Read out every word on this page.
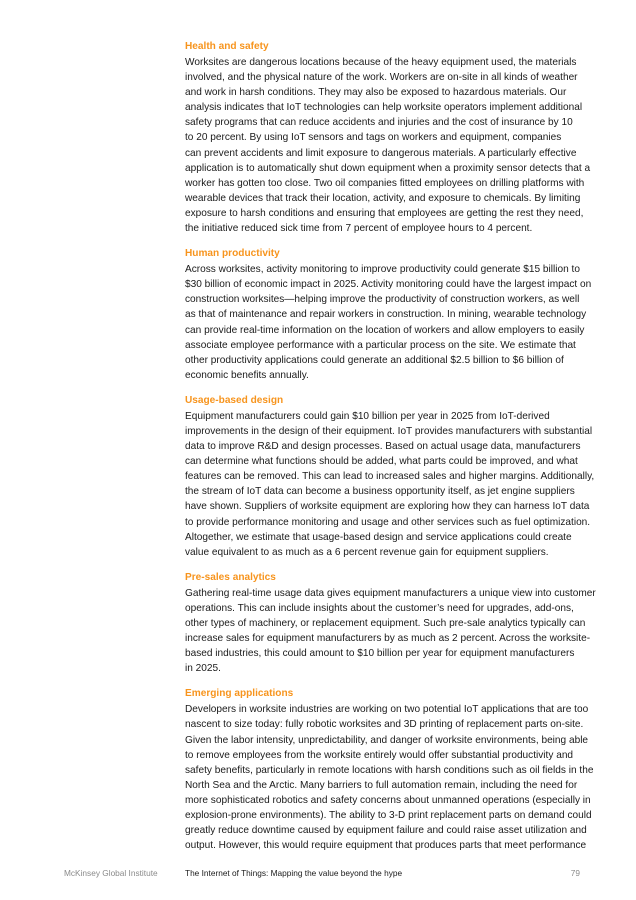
Health and safety

Worksites are dangerous locations because of the heavy equipment used, the materials
involved, and the physical nature of the work. Workers are on-site in all kinds of weather
and work in harsh conditions. They may also be exposed to hazardous materials. Our
analysis indicates that IoT technologies can help worksite operators implement additional
safety programs that can reduce accidents and injuries and the cost of insurance by 10
to 20 percent. By using IoT sensors and tags on workers and equipment, companies
can prevent accidents and limit exposure to dangerous materials. A particularly effective
application is to automatically shut down equipment when a proximity sensor detects that a
worker has gotten too close. Two oil companies fitted employees on drilling platforms with
wearable devices that track their location, activity, and exposure to chemicals. By limiting
exposure to harsh conditions and ensuring that employees are getting the rest they need,
the initiative reduced sick time from 7 percent of employee hours to 4 percent.

Human productivity

Across worksites, activity monitoring to improve productivity could generate $15 billion to
$30 billion of economic impact in 2025. Activity monitoring could have the largest impact on
construction worksites—helping improve the productivity of construction workers, as well
as that of maintenance and repair workers in construction. In mining, wearable technology
can provide real-time information on the location of workers and allow employers to easily
associate employee performance with a particular process on the site. We estimate that
other productivity applications could generate an additional $2.5 billion to $6 billion of
economic benefits annually.

Usage-based design

Equipment manufacturers could gain $10 billion per year in 2025 from IoT-derived
improvements in the design of their equipment. IoT provides manufacturers with substantial
data to improve R&D and design processes. Based on actual usage data, manufacturers
can determine what functions should be added, what parts could be improved, and what
features can be removed. This can lead to increased sales and higher margins. Additionally,
the stream of IoT data can become a business opportunity itself, as jet engine suppliers
have shown. Suppliers of worksite equipment are exploring how they can harness IoT data
to provide performance monitoring and usage and other services such as fuel optimization.
Altogether, we estimate that usage-based design and service applications could create
value equivalent to as much as a 6 percent revenue gain for equipment suppliers.

Pre-sales analytics

Gathering real-time usage data gives equipment manufacturers a unique view into customer
operations. This can include insights about the customer’s need for upgrades, add-ons,
other types of machinery, or replacement equipment. Such pre-sale analytics typically can
increase sales for equipment manufacturers by as much as 2 percent. Across the worksite-
based industries, this could amount to $10 billion per year for equipment manufacturers
in 2025.

Emerging applications

Developers in worksite industries are working on two potential IoT applications that are too
nascent to size today: fully robotic worksites and 3D printing of replacement parts on-site.
Given the labor intensity, unpredictability, and danger of worksite environments, being able
to remove employees from the worksite entirely would offer substantial productivity and
safety benefits, particularly in remote locations with harsh conditions such as oil fields in the
North Sea and the Arctic. Many barriers to full automation remain, including the need for
more sophisticated robotics and safety concerns about unmanned operations (especially in
explosion-prone environments). The ability to 3-D print replacement parts on demand could
greatly reduce downtime caused by equipment failure and could raise asset utilization and
output. However, this would require equipment that produces parts that meet performance

McKinsey Global Institute	The Internet of Things: Mapping the value beyond the hype	79
